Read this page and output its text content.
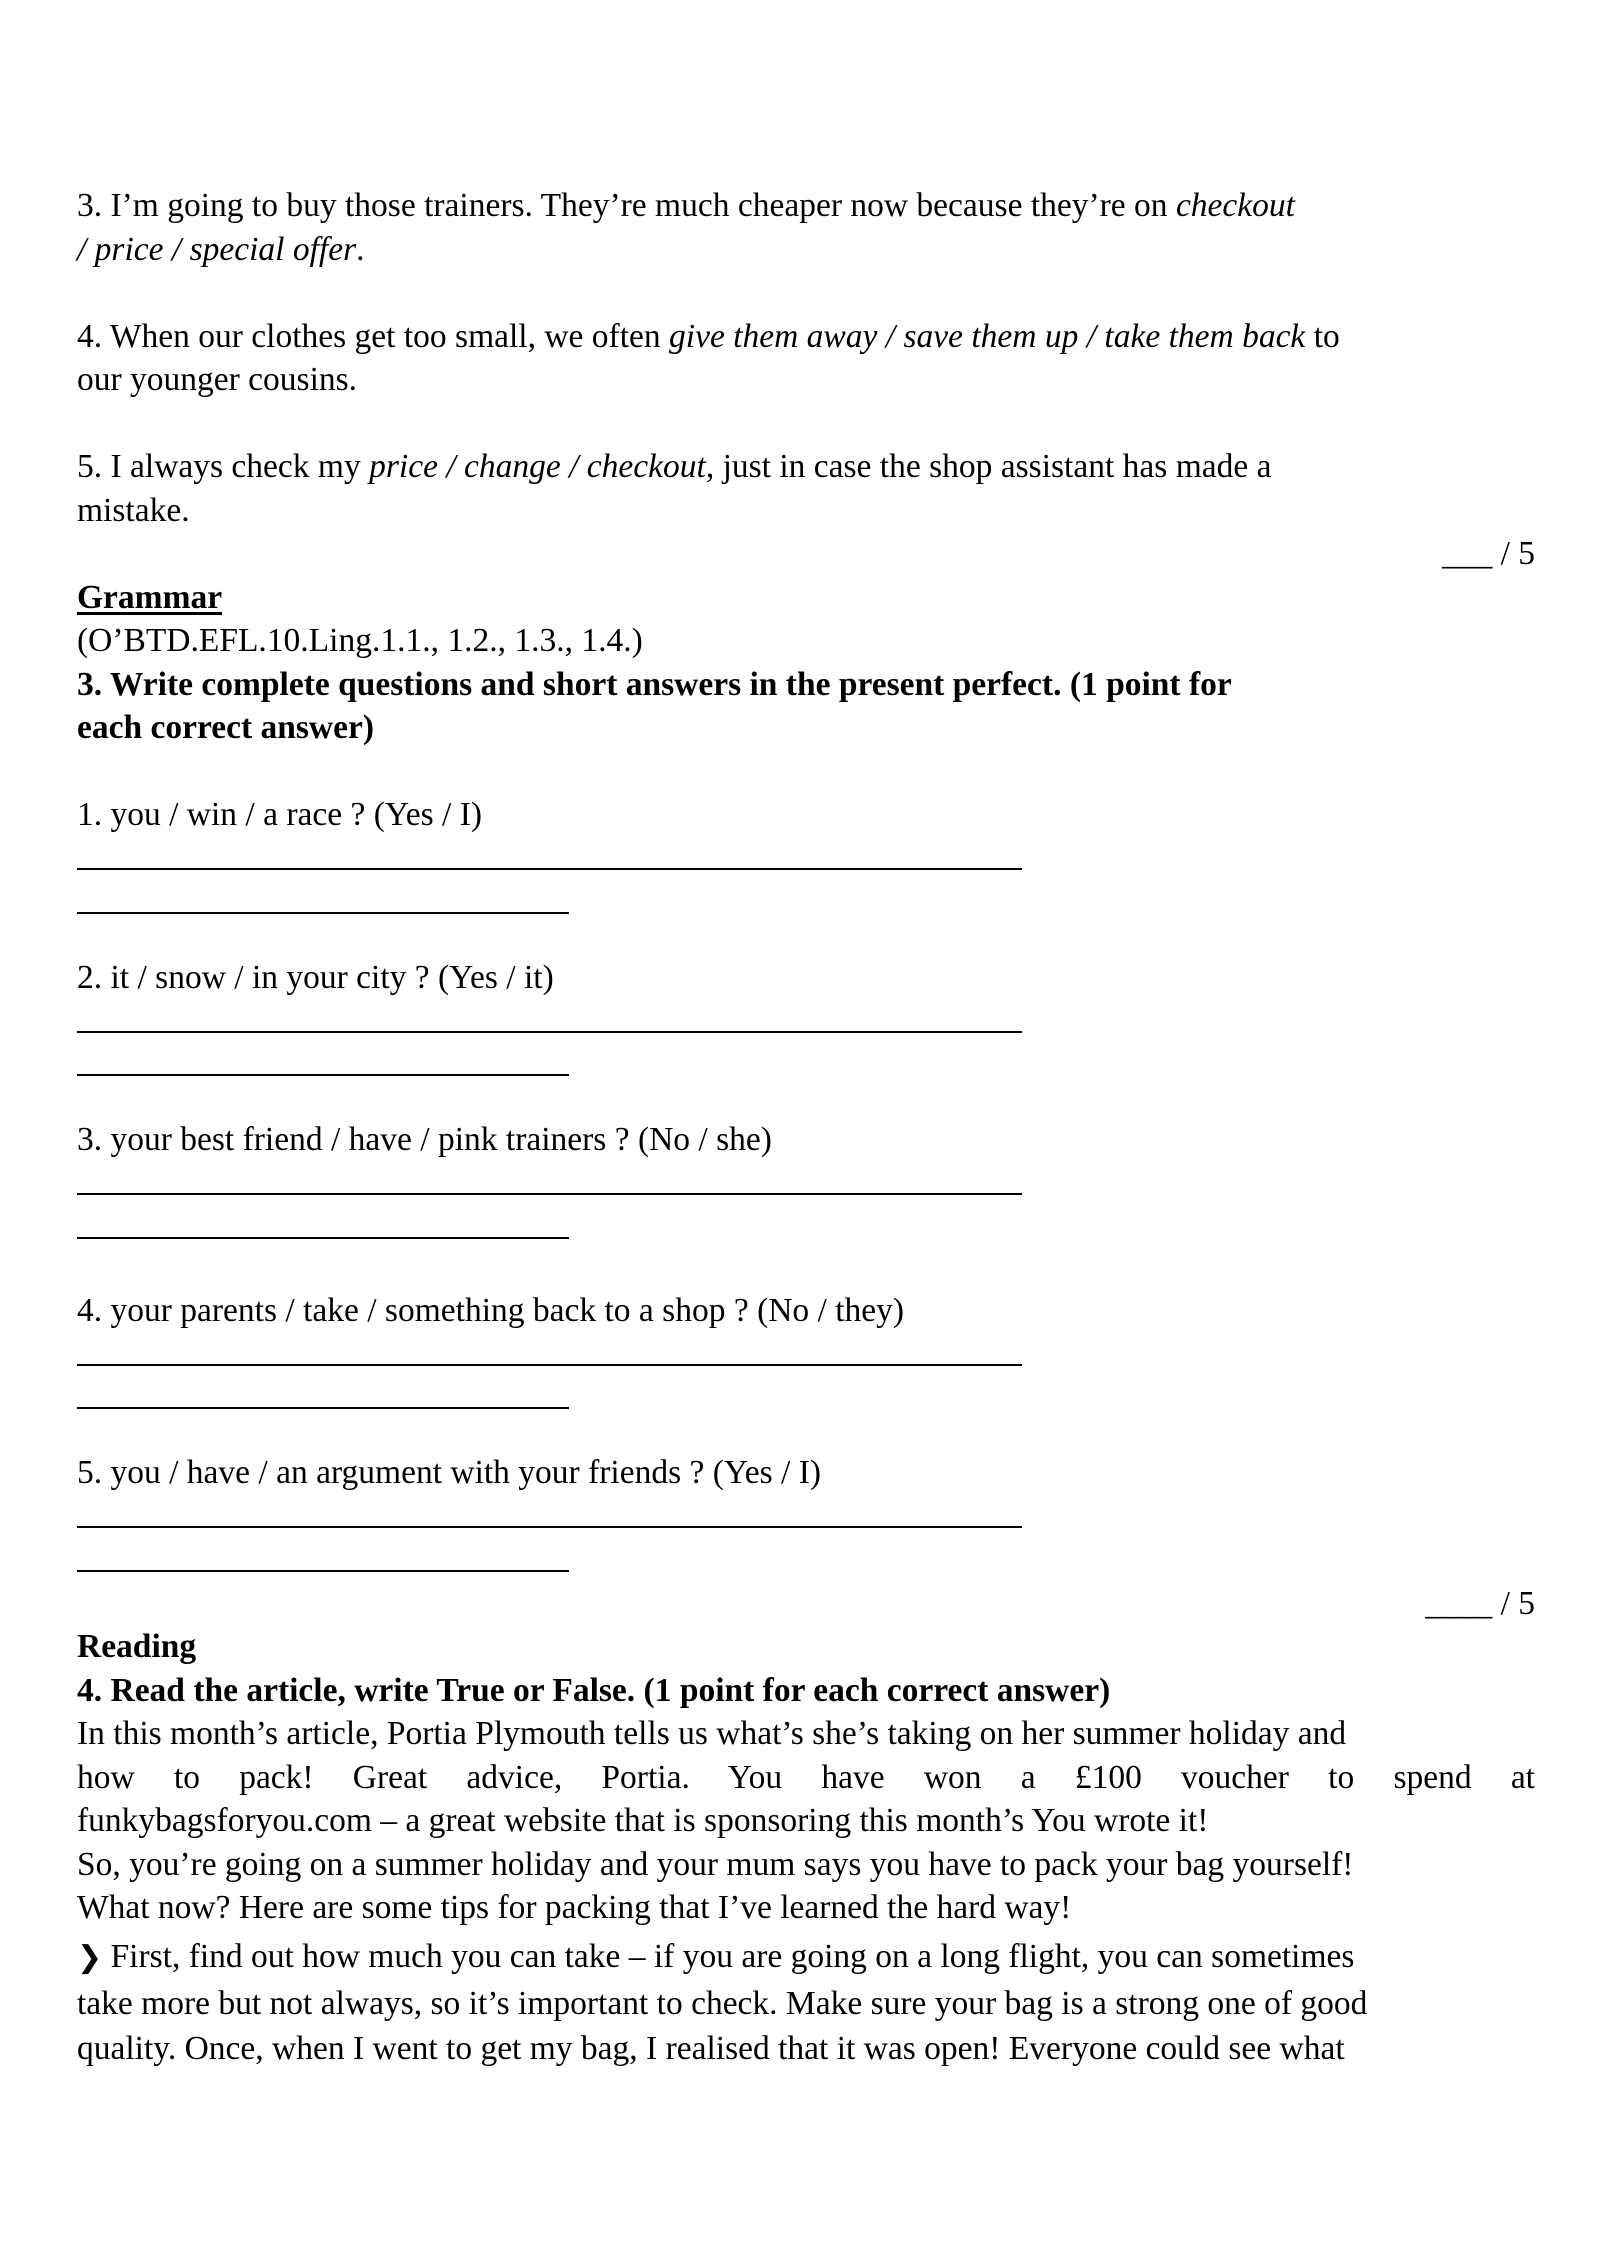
3. I’m going to buy those trainers. They’re much cheaper now because they’re on checkout
/ price / special offer.

4. When our clothes get too small, we often give them away / save them up / take them back to
our younger cousins.

5. I always check my price / change / checkout, just in case the shop assistant has made a
mistake.

___ / 5
Grammar
(O’BTD.EFL.10.Ling.1.1., 1.2., 1.3., 1.4.)
3. Write complete questions and short answers in the present perfect. (1 point for
each correct answer)
1. you / win / a race ? (Yes / I)
2. it / snow / in your city ? (Yes / it)
3. your best friend / have / pink trainers ? (No / she)
4. your parents / take / something back to a shop ? (No / they)
5. you / have / an argument with your friends ? (Yes / I)
____ / 5
Reading
4. Read the article, write True or False. (1 point for each correct answer)
In this month’s article, Portia Plymouth tells us what’s she’s taking on her summer holiday and
how to pack! Great advice, Portia. You have won a £100 voucher to spend at
funkybagsforyou.com – a great website that is sponsoring this month’s You wrote it!
So, you’re going on a summer holiday and your mum says you have to pack your bag yourself!
What now? Here are some tips for packing that I’ve learned the hard way!
❯ First, find out how much you can take – if you are going on a long flight, you can sometimes
take more but not always, so it’s important to check. Make sure your bag is a strong one of good
quality. Once, when I went to get my bag, I realised that it was open! Everyone could see what
